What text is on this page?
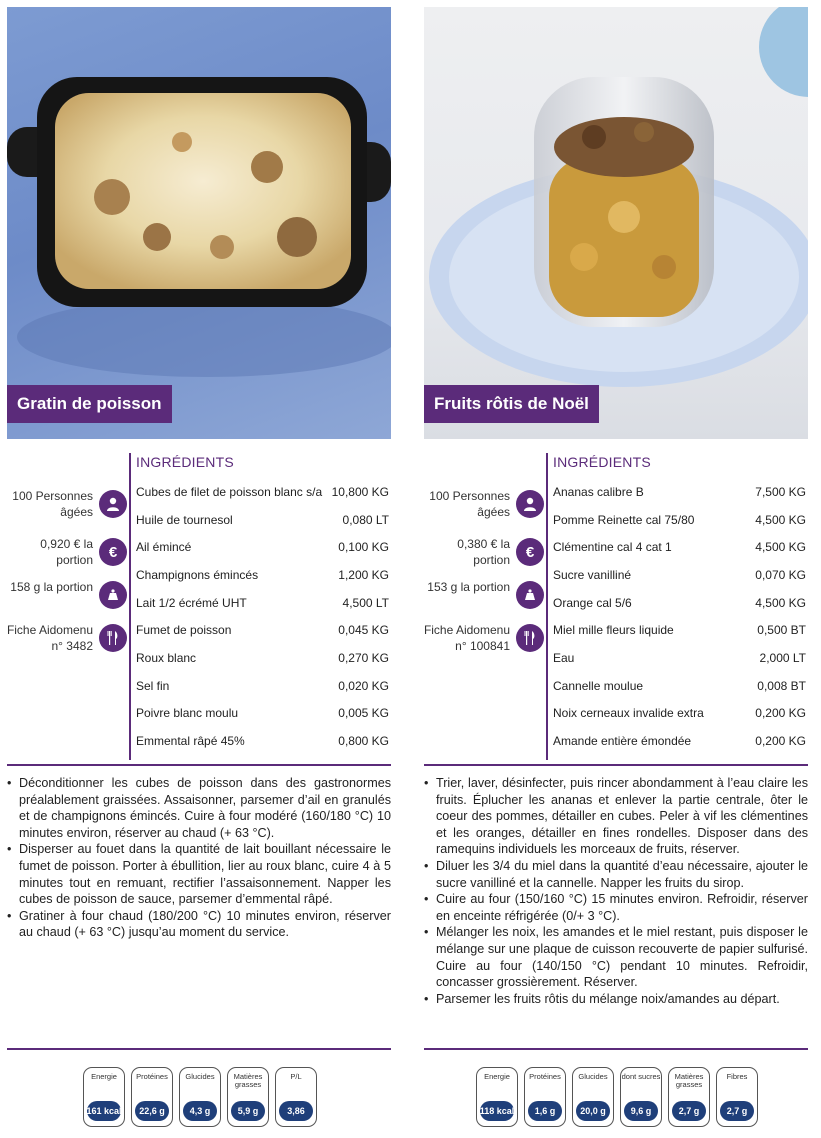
Gratin de poisson
100 Personnes âgées
0,920 € la portion €
158 g la portion
Fiche Aidomenu n° 3482
INGRÉDIENTS
Cubes de filet de poisson blanc s/a 10,800 KG
Huile de tournesol	0,080 LT
Ail émincé	0,100 KG
Champignons émincés	1,200 KG
Lait 1/2 écrémé UHT	4,500 LT
Fumet de poisson	0,045 KG
Roux blanc	0,270 KG
Sel fin	0,020 KG
Poivre blanc moulu	0,005 KG
Emmental râpé 45%	0,800 KG
• Déconditionner les cubes de poisson dans des gastronormes préalablement graissées. Assaisonner, parsemer d’ail en granulés et de champignons émincés. Cuire à four modéré (160/180 °C) 10 minutes environ, réserver au chaud (+ 63 °C).
• Disperser au fouet dans la quantité de lait bouillant nécessaire le fumet de poisson. Porter à ébullition, lier au roux blanc, cuire 4 à 5 minutes tout en remuant, rectifier l’assaisonnement. Napper les cubes de poisson de sauce, parsemer d’emmental râpé.
• Gratiner à four chaud (180/200 °C) 10 minutes environ, réserver au chaud (+ 63 °C) jusqu’au moment du service.
Energie
161 kcal
Protéines
22,6 g
Glucides
4,3 g
Matières grasses
5,9 g
P/L
3,86
Fruits rôtis de Noël
100 Personnes âgées
0,380 € la portion €
153 g la portion
Fiche Aidomenu n° 100841
INGRÉDIENTS
Ananas calibre B	7,500 KG
Pomme Reinette cal 75/80	4,500 KG
Clémentine cal 4 cat 1	4,500 KG
Sucre vanilliné	0,070 KG
Orange cal 5/6	4,500 KG
Miel mille fleurs liquide	0,500 BT
Eau	2,000 LT
Cannelle moulue	0,008 BT
Noix cerneaux invalide extra	0,200 KG
Amande entière émondée	0,200 KG
• Trier, laver, désinfecter, puis rincer abondamment à l’eau claire les fruits. Éplucher les ananas et enlever la partie centrale, ôter le coeur des pommes, détailler en cubes. Peler à vif les clémentines et les oranges, détailler en fines rondelles. Disposer dans des ramequins individuels les morceaux de fruits, réserver.
• Diluer les 3/4 du miel dans la quantité d’eau nécessaire, ajouter le sucre vanilliné et la cannelle. Napper les fruits du sirop.
• Cuire au four (150/160 °C) 15 minutes environ. Refroidir, réserver en enceinte réfrigérée (0/+ 3 °C).
• Mélanger les noix, les amandes et le miel restant, puis disposer le mélange sur une plaque de cuisson recouverte de papier sulfurisé. Cuire au four (140/150 °C) pendant 10 minutes. Refroidir, concasser grossièrement. Réserver.
• Parsemer les fruits rôtis du mélange noix/amandes au départ.
Energie
118 kcal
Protéines
1,6 g
Glucides
20,0 g
dont sucres
9,6 g
Matières grasses
2,7 g
Fibres
2,7 g
